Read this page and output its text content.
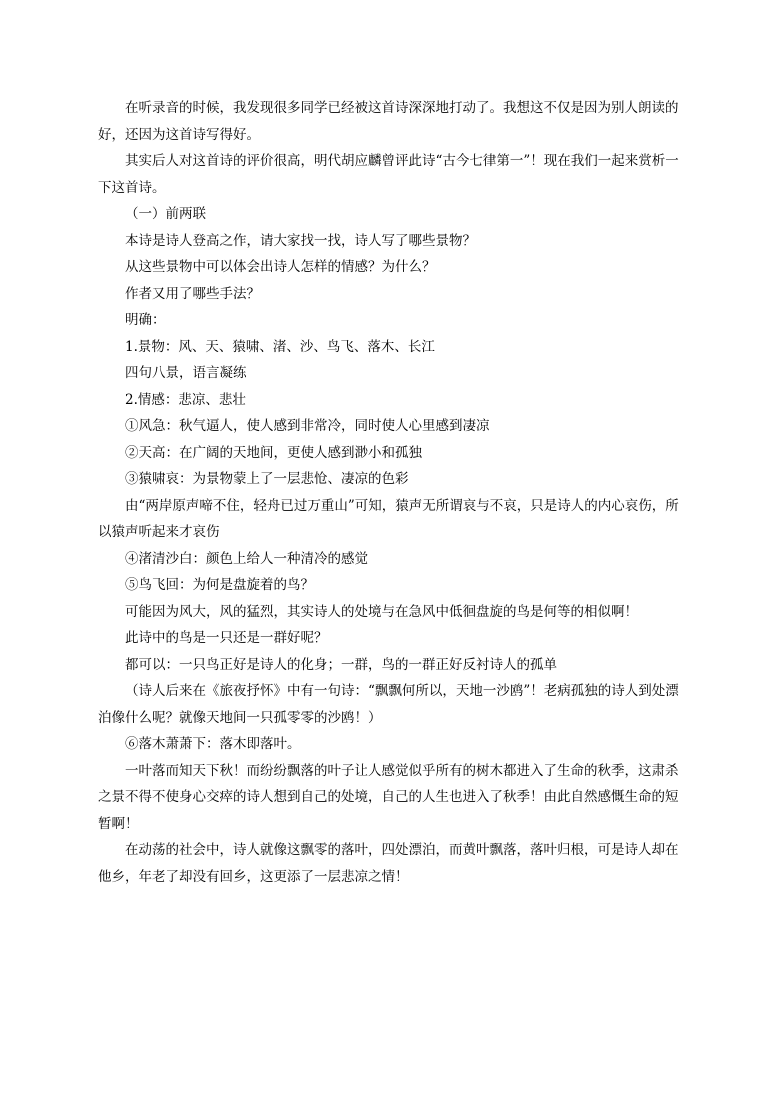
在听录音的时候，我发现很多同学已经被这首诗深深地打动了。我想这不仅是因为别人朗读的好，还因为这首诗写得好。

其实后人对这首诗的评价很高，明代胡应麟曾评此诗“古今七律第一”！现在我们一起来赏析一下这首诗。

（一）前两联

本诗是诗人登高之作，请大家找一找，诗人写了哪些景物？

从这些景物中可以体会出诗人怎样的情感？为什么？

作者又用了哪些手法？

明确：

1.景物：风、天、猿啸、渚、沙、鸟飞、落木、长江

四句八景，语言凝练

2.情感：悲凉、悲壮

①风急：秋气逼人，使人感到非常冷，同时使人心里感到凄凉

②天高：在广阔的天地间，更使人感到渺小和孤独

③猿啸哀：为景物蒙上了一层悲怆、凄凉的色彩

由“两岸原声啼不住，轻舟已过万重山”可知，猿声无所谓哀与不哀，只是诗人的内心哀伤，所以猿声听起来才哀伤

④渚清沙白：颜色上给人一种清冷的感觉

⑤鸟飞回：为何是盘旋着的鸟？

可能因为风大，风的猛烈，其实诗人的处境与在急风中低徊盘旋的鸟是何等的相似啊！

此诗中的鸟是一只还是一群好呢？

都可以：一只鸟正好是诗人的化身；一群，鸟的一群正好反衬诗人的孤单

（诗人后来在《旅夜抒怀》中有一句诗：“飘飘何所以，天地一沙鸥”！老病孤独的诗人到处漂泊像什么呢？就像天地间一只孤零零的沙鸥！）

⑥落木萧萧下：落木即落叶。

一叶落而知天下秋！而纷纷飘落的叶子让人感觉似乎所有的树木都进入了生命的秋季，这肃杀之景不得不使身心交瘁的诗人想到自己的处境，自己的人生也进入了秋季！由此自然感慨生命的短暂啊！

在动荡的社会中，诗人就像这飘零的落叶，四处漂泊，而黄叶飘落，落叶归根，可是诗人却在他乡，年老了却没有回乡，这更添了一层悲凉之情！
